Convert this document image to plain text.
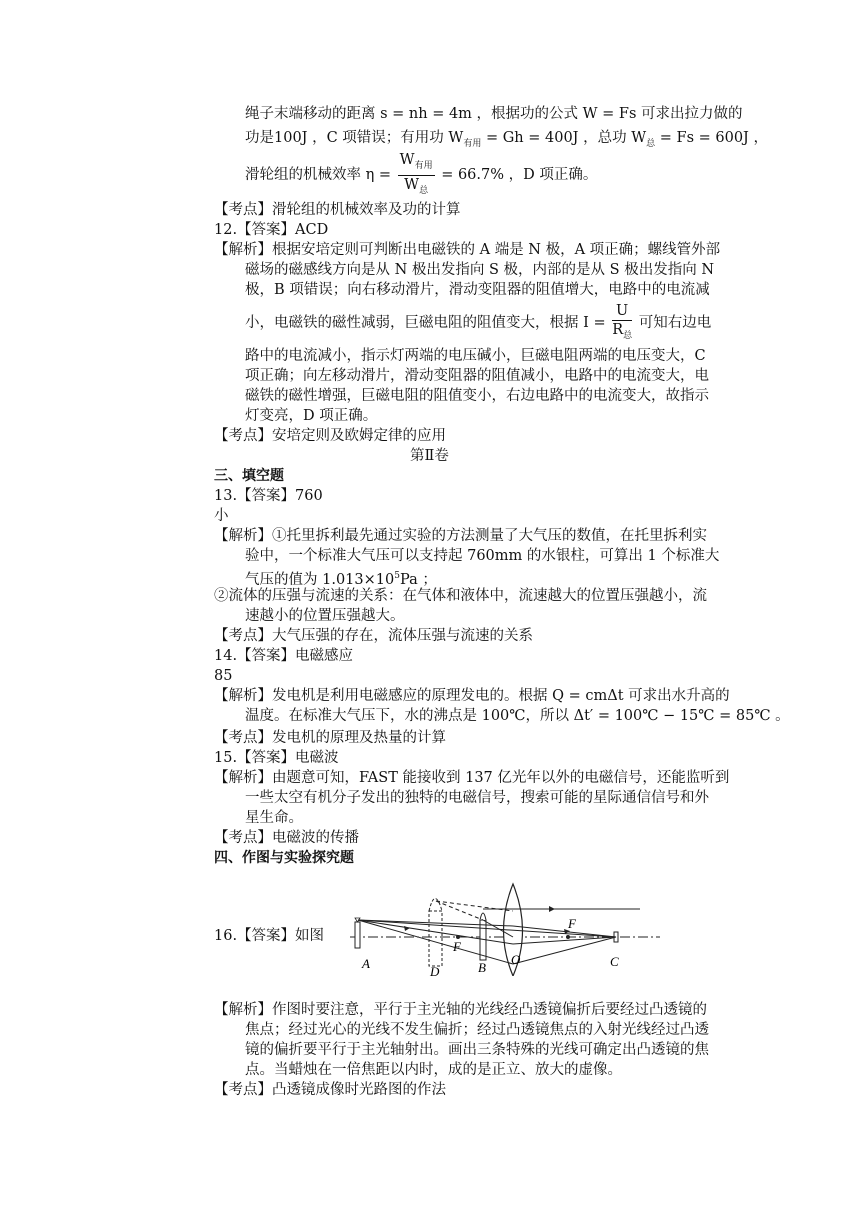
绳子末端移动的距离 s = nh = 4m ，根据功的公式 W = Fs 可求出拉力做的
功是100J ，C 项错误；有用功 $W_{有用} = Gh = 400J$ ，总功 $W_总 = Fs = 600J$ ，
滑轮组的机械效率 $\eta = \frac{W_{有用}}{W_总} = 66.7\%$ ，D 项正确。
【考点】滑轮组的机械效率及功的计算
12.【答案】ACD
【解析】根据安培定则可判断出电磁铁的 A 端是 N 极，A 项正确；螺线管外部
磁场的磁感线方向是从 N 极出发指向 S 极，内部的是从 S 极出发指向 N
极，B 项错误；向右移动滑片，滑动变阻器的阻值增大，电路中的电流减
小，电磁铁的磁性减弱，巨磁电阻的阻值变大，根据 $I = \frac{U}{R_总}$ 可知右边电
路中的电流减小，指示灯两端的电压碱小，巨磁电阻两端的电压变大，C
项正确；向左移动滑片，滑动变阻器的阻值减小，电路中的电流变大，电
磁铁的磁性增强，巨磁电阻的阻值变小，右边电路中的电流变大，故指示
灯变亮，D 项正确。
【考点】安培定则及欧姆定律的应用
第Ⅱ卷
三、填空题
13.【答案】760
小
【解析】①托里拆利最先通过实验的方法测量了大气压的数值，在托里拆利实
验中，一个标准大气压可以支持起 760mm 的水银柱，可算出 1 个标准大
气压的值为 $1.013\times 10^5Pa$ ；
②流体的压强与流速的关系：在气体和液体中，流速越大的位置压强越小，流
速越小的位置压强越大。
【考点】大气压强的存在，流体压强与流速的关系
14.【答案】电磁感应
85
【解析】发电机是利用电磁感应的原理发电的。根据 Q = cmΔt 可求出水升高的
温度。在标准大气压下，水的沸点是 100℃，所以 Δt′ = 100℃ − 15℃ = 85℃ 。
【考点】发电机的原理及热量的计算
15.【答案】电磁波
【解析】由题意可知，FAST 能接收到 137 亿光年以外的电磁信号，还能监听到
一些太空有机分子发出的独特的电磁信号，搜索可能的星际通信信号和外
星生命。
【考点】电磁波的传播
四、作图与实验探究题
16.【答案】如图
A
D
F
B
O
F
C
【解析】作图时要注意，平行于主光轴的光线经凸透镜偏折后要经过凸透镜的
焦点；经过光心的光线不发生偏折；经过凸透镜焦点的入射光线经过凸透
镜的偏折要平行于主光轴射出。画出三条特殊的光线可确定出凸透镜的焦
点。当蜡烛在一倍焦距以内时，成的是正立、放大的虚像。
【考点】凸透镜成像时光路图的作法
